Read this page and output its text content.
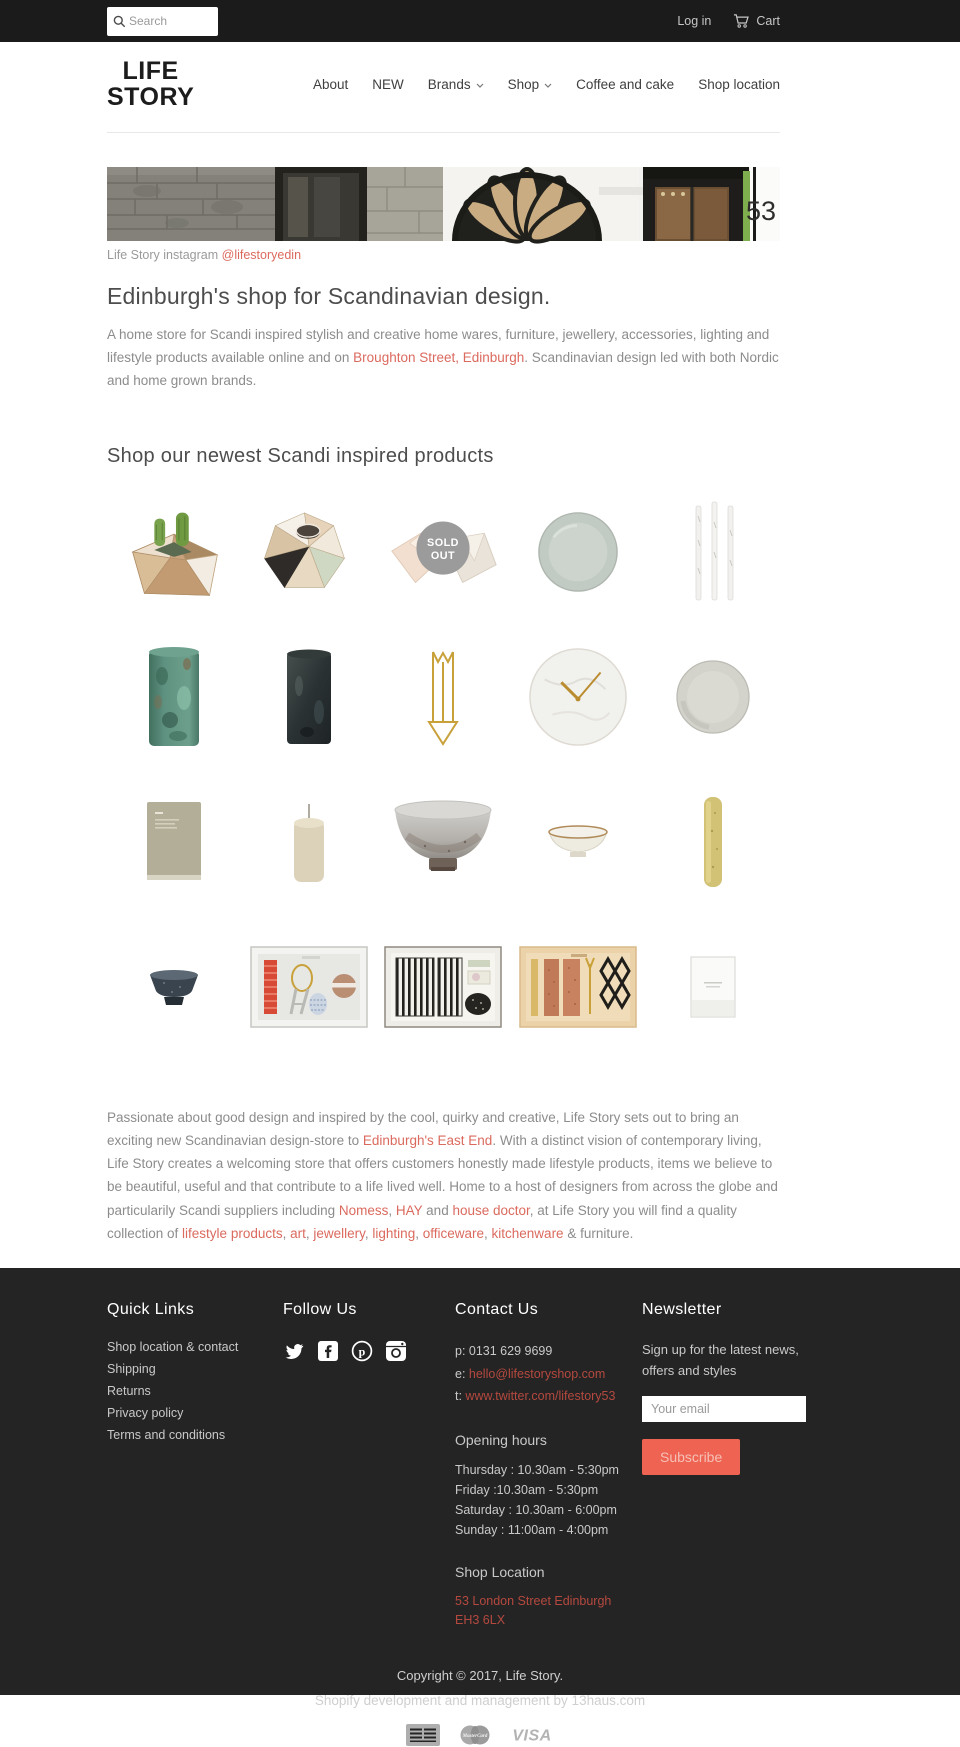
Search
Log in	Cart
LIFE
STORY	About NEW Brands	Shop	Coffee and cake Shop location
53

Life Story instagram @lifestoryedin

Edinburgh's shop for Scandinavian design.

A home store for Scandi inspired stylish and creative home wares, furniture, jewellery, accessories, lighting and lifestyle products available online and on Broughton Street, Edinburgh. Scandinavian design led with both Nordic and home grown brands.

Shop our newest Scandi inspired products
SOLD
OUT

Passionate about good design and inspired by the cool, quirky and creative, Life Story sets out to bring an exciting new Scandinavian design-store to Edinburgh's East End. With a distinct vision of contemporary living, Life Story creates a welcoming store that offers customers honestly made lifestyle products, items we believe to be beautiful, useful and that contribute to a life lived well. Home to a host of designers from across the globe and particularily Scandi suppliers including Nomess, HAY and house doctor, at Life Story you will find a quality collection of lifestyle products, art, jewellery, lighting, officeware, kitchenware & furniture.

Quick Links
Shop location & contact
Shipping
Returns
Privacy policy
Terms and conditions
Follow Us
p
Contact Us
p: 0131 629 9699
e: hello@lifestoryshop.com
t: www.twitter.com/lifestory53
Opening hours
Thursday : 10.30am - 5:30pm
Friday :10.30am - 5:30pm
Saturday : 10.30am - 6:00pm
Sunday : 11:00am - 4:00pm
Shop Location
53 London Street Edinburgh EH3 6LX
Newsletter
Sign up for the latest news, offers and styles
Your email
Subscribe
Copyright © 2017, Life Story.
Shopify development and management by 13haus.com
MasterCard VISA
